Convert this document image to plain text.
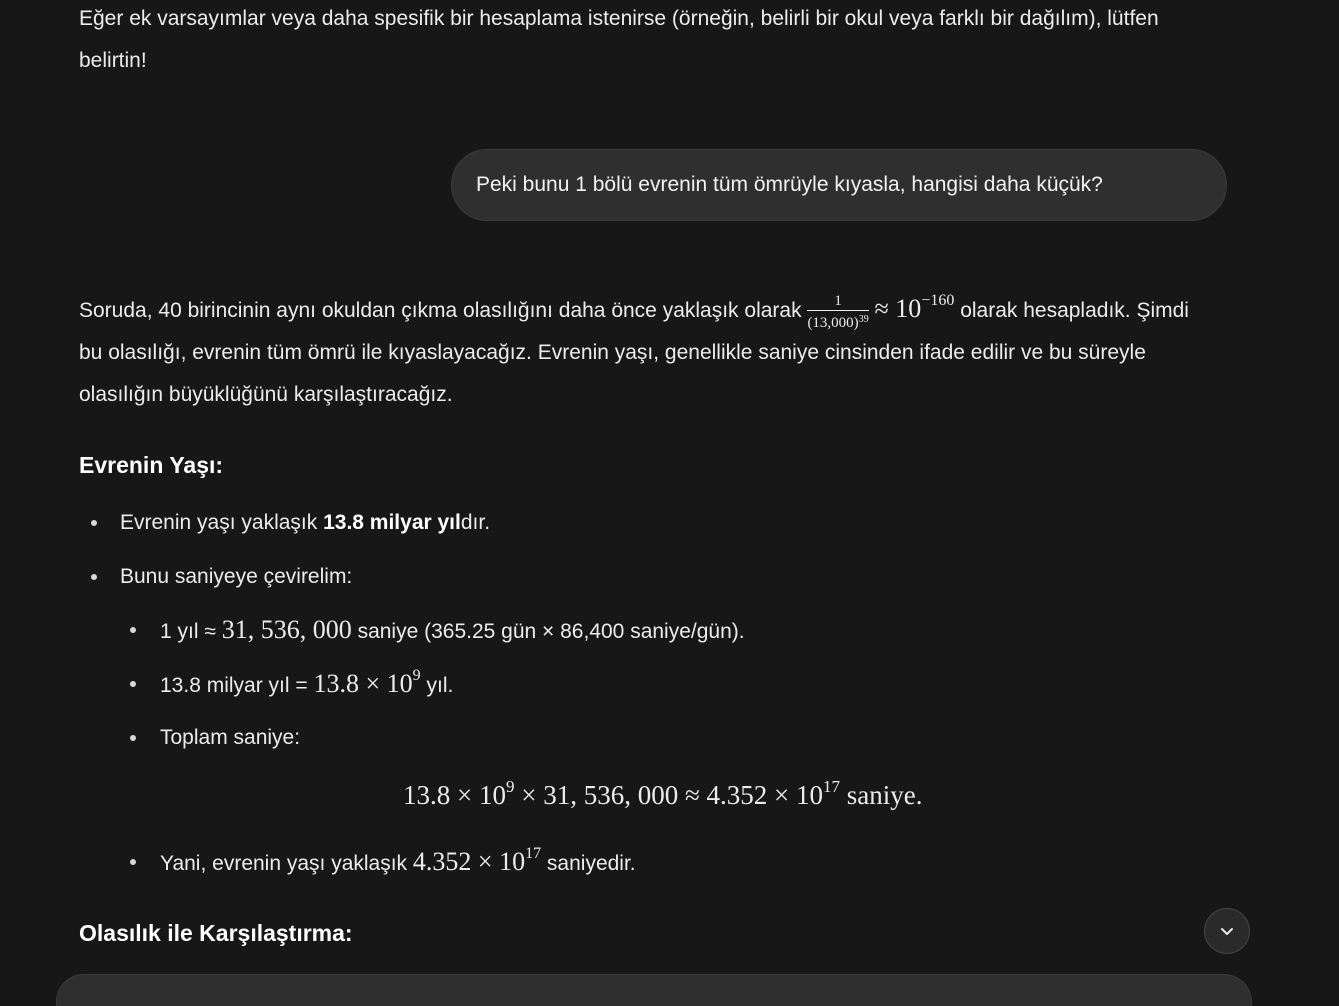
Eğer ek varsayımlar veya daha spesifik bir hesaplama istenirse (örneğin, belirli bir okul veya farklı bir dağılım), lütfen belirtin!

Peki bunu 1 bölü evrenin tüm ömrüyle kıyasla, hangisi daha küçük?

Soruda, 40 birincinin aynı okuldan çıkma olasılığını daha önce yaklaşık olarak $\frac{1}{(13,000)^{39}} \approx 10^{-160}$ olarak hesapladık. Şimdi bu olasılığı, evrenin tüm ömrü ile kıyaslayacağız. Evrenin yaşı, genellikle saniye cinsinden ifade edilir ve bu süreyle olasılığın büyüklüğünü karşılaştıracağız.

Evrenin Yaşı:
Evrenin yaşı yaklaşık 13.8 milyar yıldır.
Bunu saniyeye çevirelim:
1 yıl ≈ 31, 536, 000 saniye (365.25 gün × 86,400 saniye/gün).
13.8 milyar yıl = $13.8 \times 10^9$ yıl.
Toplam saniye:
$13.8 \times 10^9 \times 31$, 536, $000 \approx 4.352 \times 10^{17}$ saniye.
Yani, evrenin yaşı yaklaşık $4.352 \times 10^{17}$ saniyedir.
Olasılık ile Karşılaştırma:
